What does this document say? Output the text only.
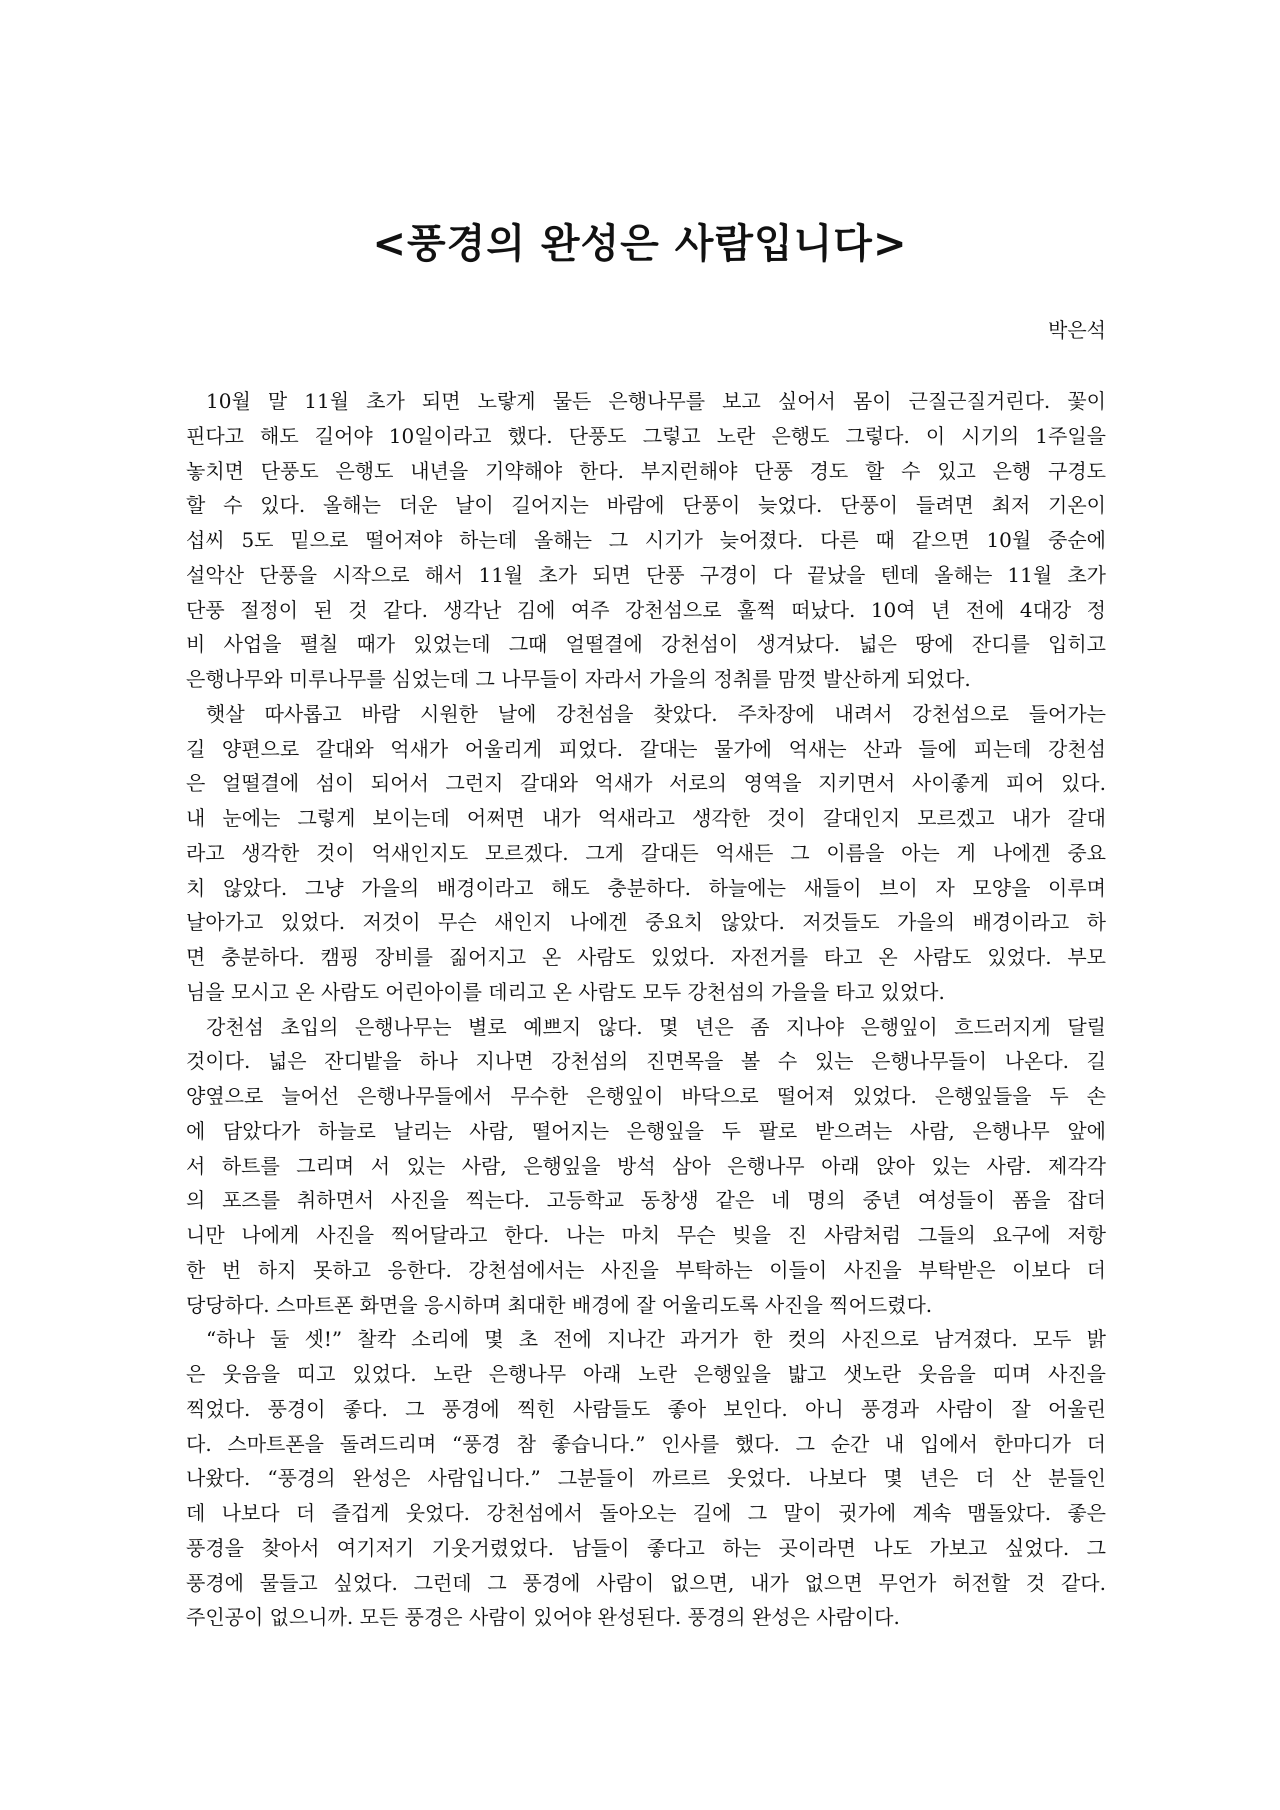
<풍경의 완성은 사람입니다>
박은석
10월 말 11월 초가 되면 노랗게 물든 은행나무를 보고 싶어서 몸이 근질근질거린다. 꽃이
핀다고 해도 길어야 10일이라고 했다. 단풍도 그렇고 노란 은행도 그렇다. 이 시기의 1주일을
놓치면 단풍도 은행도 내년을 기약해야 한다. 부지런해야 단풍 경도 할 수 있고 은행 구경도
할 수 있다. 올해는 더운 날이 길어지는 바람에 단풍이 늦었다. 단풍이 들려면 최저 기온이
섭씨 5도 밑으로 떨어져야 하는데 올해는 그 시기가 늦어졌다. 다른 때 같으면 10월 중순에
설악산 단풍을 시작으로 해서 11월 초가 되면 단풍 구경이 다 끝났을 텐데 올해는 11월 초가
단풍 절정이 된 것 같다. 생각난 김에 여주 강천섬으로 훌쩍 떠났다. 10여 년 전에 4대강 정
비 사업을 펼칠 때가 있었는데 그때 얼떨결에 강천섬이 생겨났다. 넓은 땅에 잔디를 입히고
은행나무와 미루나무를 심었는데 그 나무들이 자라서 가을의 정취를 맘껏 발산하게 되었다.
햇살 따사롭고 바람 시원한 날에 강천섬을 찾았다. 주차장에 내려서 강천섬으로 들어가는
길 양편으로 갈대와 억새가 어울리게 피었다. 갈대는 물가에 억새는 산과 들에 피는데 강천섬
은 얼떨결에 섬이 되어서 그런지 갈대와 억새가 서로의 영역을 지키면서 사이좋게 피어 있다.
내 눈에는 그렇게 보이는데 어쩌면 내가 억새라고 생각한 것이 갈대인지 모르겠고 내가 갈대
라고 생각한 것이 억새인지도 모르겠다. 그게 갈대든 억새든 그 이름을 아는 게 나에겐 중요
치 않았다. 그냥 가을의 배경이라고 해도 충분하다. 하늘에는 새들이 브이 자 모양을 이루며
날아가고 있었다. 저것이 무슨 새인지 나에겐 중요치 않았다. 저것들도 가을의 배경이라고 하
면 충분하다. 캠핑 장비를 짊어지고 온 사람도 있었다. 자전거를 타고 온 사람도 있었다. 부모
님을 모시고 온 사람도 어린아이를 데리고 온 사람도 모두 강천섬의 가을을 타고 있었다.
강천섬 초입의 은행나무는 별로 예쁘지 않다. 몇 년은 좀 지나야 은행잎이 흐드러지게 달릴
것이다. 넓은 잔디밭을 하나 지나면 강천섬의 진면목을 볼 수 있는 은행나무들이 나온다. 길
양옆으로 늘어선 은행나무들에서 무수한 은행잎이 바닥으로 떨어져 있었다. 은행잎들을 두 손
에 담았다가 하늘로 날리는 사람, 떨어지는 은행잎을 두 팔로 받으려는 사람, 은행나무 앞에
서 하트를 그리며 서 있는 사람, 은행잎을 방석 삼아 은행나무 아래 앉아 있는 사람. 제각각
의 포즈를 취하면서 사진을 찍는다. 고등학교 동창생 같은 네 명의 중년 여성들이 폼을 잡더
니만 나에게 사진을 찍어달라고 한다. 나는 마치 무슨 빚을 진 사람처럼 그들의 요구에 저항
한 번 하지 못하고 응한다. 강천섬에서는 사진을 부탁하는 이들이 사진을 부탁받은 이보다 더
당당하다. 스마트폰 화면을 응시하며 최대한 배경에 잘 어울리도록 사진을 찍어드렸다.
“하나 둘 셋!” 찰칵 소리에 몇 초 전에 지나간 과거가 한 컷의 사진으로 남겨졌다. 모두 밝
은 웃음을 띠고 있었다. 노란 은행나무 아래 노란 은행잎을 밟고 샛노란 웃음을 띠며 사진을
찍었다. 풍경이 좋다. 그 풍경에 찍힌 사람들도 좋아 보인다. 아니 풍경과 사람이 잘 어울린
다. 스마트폰을 돌려드리며 “풍경 참 좋습니다.” 인사를 했다. 그 순간 내 입에서 한마디가 더
나왔다. “풍경의 완성은 사람입니다.” 그분들이 까르르 웃었다. 나보다 몇 년은 더 산 분들인
데 나보다 더 즐겁게 웃었다. 강천섬에서 돌아오는 길에 그 말이 귓가에 계속 맴돌았다. 좋은
풍경을 찾아서 여기저기 기웃거렸었다. 남들이 좋다고 하는 곳이라면 나도 가보고 싶었다. 그
풍경에 물들고 싶었다. 그런데 그 풍경에 사람이 없으면, 내가 없으면 무언가 허전할 것 같다.
주인공이 없으니까. 모든 풍경은 사람이 있어야 완성된다. 풍경의 완성은 사람이다.
